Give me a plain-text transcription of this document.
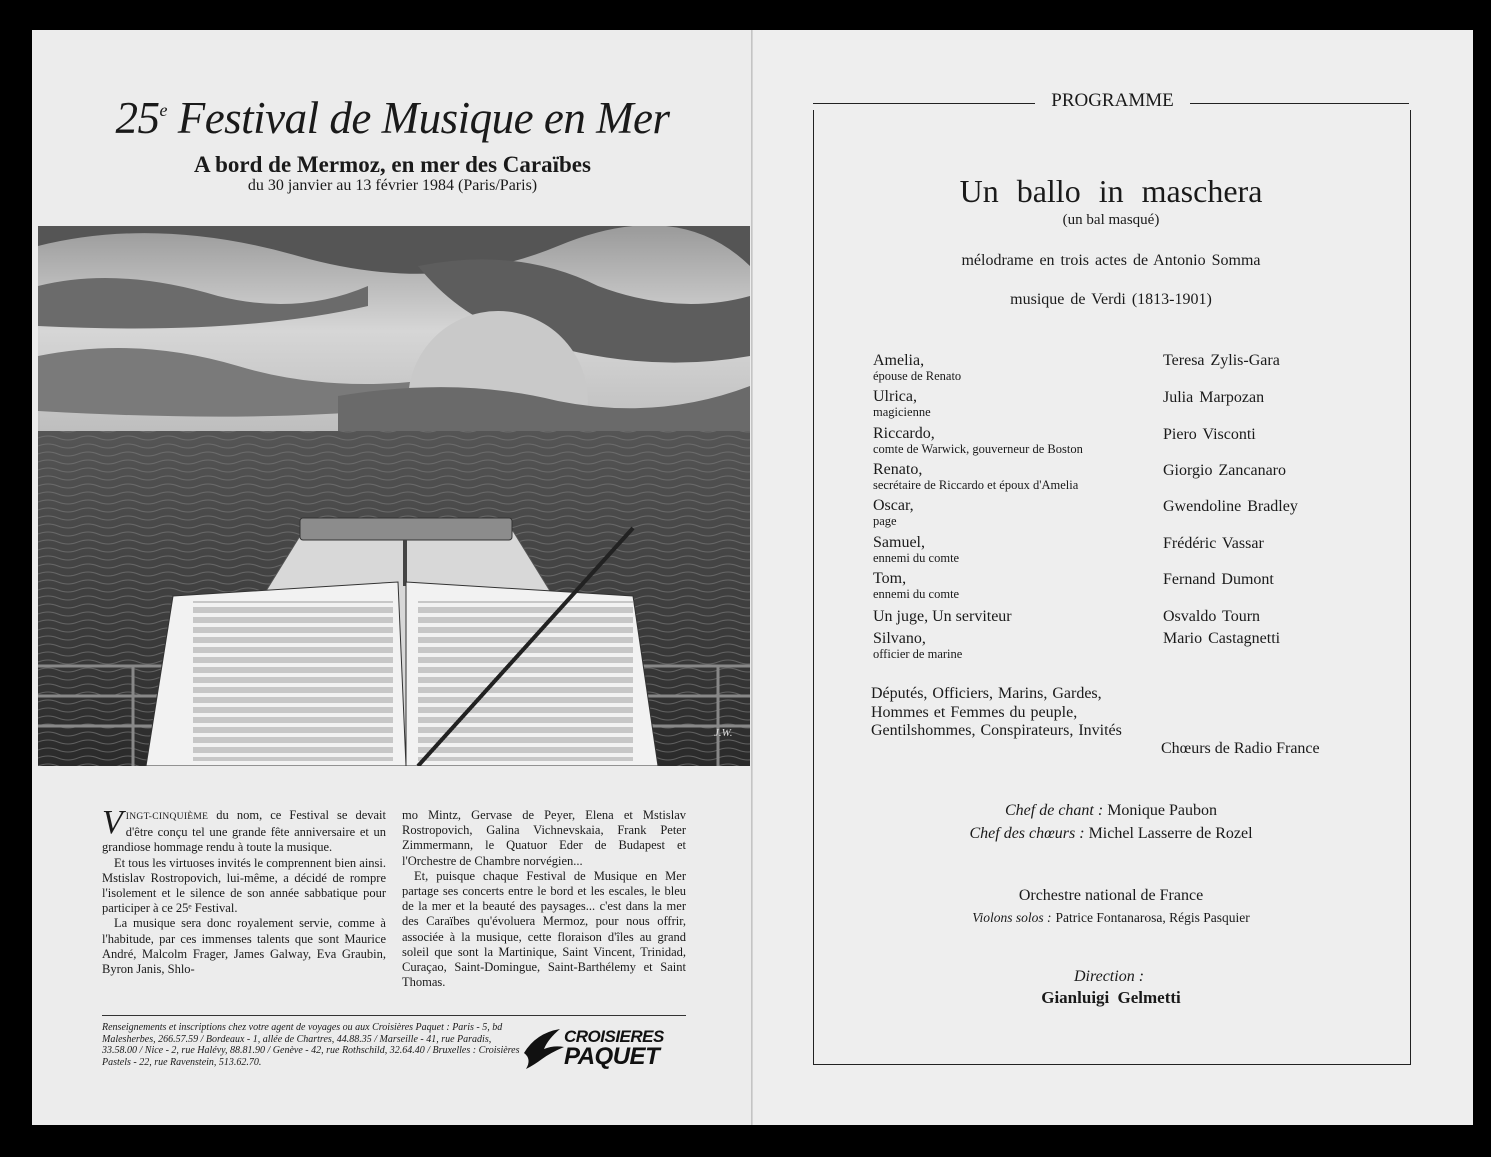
25e Festival de Musique en Mer
A bord de Mermoz, en mer des Caraïbes
du 30 janvier au 13 février 1984 (Paris/Paris)
J.W.

VINGT-CINQUIÈME du nom, ce Festival se devait d'être conçu tel une grande fête anniversaire et un grandiose hommage rendu à toute la musique.

Et tous les virtuoses invités le comprennent bien ainsi. Mstislav Rostropovich, lui-même, a décidé de rompre l'isolement et le silence de son année sabbatique pour participer à ce 25ᵉ Festival.

La musique sera donc royalement servie, comme à l'habitude, par ces immenses talents que sont Maurice André, Malcolm Frager, James Galway, Eva Graubin, Byron Janis, Shlo-

mo Mintz, Gervase de Peyer, Elena et Mstislav Rostropovich, Galina Vichnevskaia, Frank Peter Zimmermann, le Quatuor Eder de Budapest et l'Orchestre de Chambre norvégien...

Et, puisque chaque Festival de Musique en Mer partage ses concerts entre le bord et les escales, le bleu de la mer et la beauté des paysages... c'est dans la mer des Caraïbes qu'évoluera Mermoz, pour nous offrir, associée à la musique, cette floraison d'îles au grand soleil que sont la Martinique, Saint Vincent, Trinidad, Curaçao, Saint-Domingue, Saint-Barthélemy et Saint Thomas.

Renseignements et inscriptions chez votre agent de voyages ou aux Croisières Paquet : Paris - 5, bd Malesherbes, 266.57.59 / Bordeaux - 1, allée de Chartres, 44.88.35 / Marseille - 41, rue Paradis, 33.58.00 / Nice - 2, rue Halévy, 88.81.90 / Genève - 42, rue Rothschild, 32.64.40 / Bruxelles : Croisières Pastels - 22, rue Ravenstein, 513.62.70.
CROISIERES
PAQUET
PROGRAMME
Un ballo in maschera
(un bal masqué)
mélodrame en trois actes de Antonio Somma
musique de Verdi (1813-1901)
Amelia,
épouse de Renato
Teresa Zylis-Gara
Ulrica,
magicienne
Julia Marpozan
Riccardo,
comte de Warwick, gouverneur de Boston
Piero Visconti
Renato,
secrétaire de Riccardo et époux d'Amelia
Giorgio Zancanaro
Oscar,
page
Gwendoline Bradley
Samuel,
ennemi du comte
Frédéric Vassar
Tom,
ennemi du comte
Fernand Dumont
Un juge, Un serviteur	Osvaldo Tourn
Silvano,
officier de marine
Mario Castagnetti
Députés, Officiers, Marins, Gardes, Hommes et Femmes du peuple, Gentilshommes, Conspirateurs, Invités
Chœurs de Radio France
Chef de chant : Monique Paubon
Chef des chœurs : Michel Lasserre de Rozel
Orchestre national de France
Violons solos : Patrice Fontanarosa, Régis Pasquier
Direction :
Gianluigi Gelmetti
